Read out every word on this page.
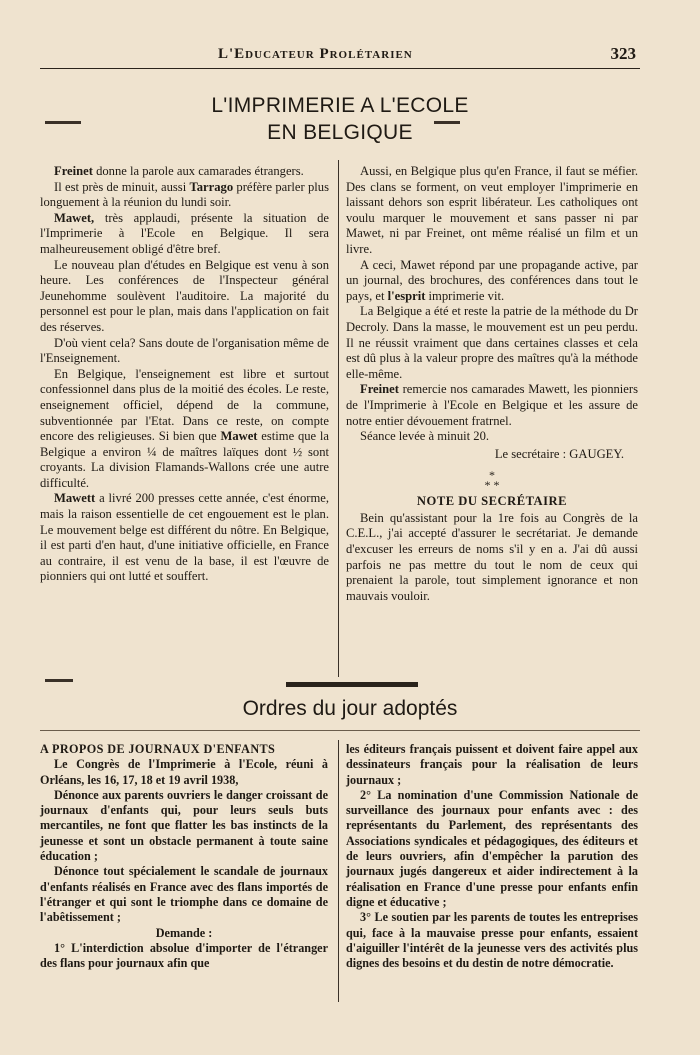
L'Educateur Prolétarien	323
L'IMPRIMERIE A L'ECOLE
EN BELGIQUE

Freinet donne la parole aux camarades étrangers.

Il est près de minuit, aussi Tarrago préfère parler plus longuement à la réunion du lundi soir.

Mawet, très applaudi, présente la situation de l'Imprimerie à l'Ecole en Belgique. Il sera malheureusement obligé d'être bref.

Le nouveau plan d'études en Belgique est venu à son heure. Les conférences de l'Inspecteur général Jeunehomme soulèvent l'auditoire. La majorité du personnel est pour le plan, mais dans l'application on fait des réserves.

D'où vient cela? Sans doute de l'organisation même de l'Enseignement.

En Belgique, l'enseignement est libre et surtout confessionnel dans plus de la moitié des écoles. Le reste, enseignement officiel, dépend de la commune, subventionnée par l'Etat. Dans ce reste, on compte encore des religieuses. Si bien que Mawet estime que la Belgique a environ ¼ de maîtres laïques dont ½ sont croyants. La division Flamands-Wallons crée une autre difficulté.

Mawett a livré 200 presses cette année, c'est énorme, mais la raison essentielle de cet engouement est le plan. Le mouvement belge est différent du nôtre. En Belgique, il est parti d'en haut, d'une initiative officielle, en France au contraire, il est venu de la base, il est l'œuvre de pionniers qui ont lutté et souffert.

Aussi, en Belgique plus qu'en France, il faut se méfier. Des clans se forment, on veut employer l'imprimerie en laissant dehors son esprit libérateur. Les catholiques ont voulu marquer le mouvement et sans passer ni par Mawet, ni par Freinet, ont même réalisé un film et un livre.

A ceci, Mawet répond par une propagande active, par un journal, des brochures, des conférences dans tout le pays, et l'esprit imprimerie vit.

La Belgique a été et reste la patrie de la méthode du Dr Decroly. Dans la masse, le mouvement est un peu perdu. Il ne réussit vraiment que dans certaines classes et cela est dû plus à la valeur propre des maîtres qu'à la méthode elle-même.

Freinet remercie nos camarades Mawett, les pionniers de l'Imprimerie à l'Ecole en Belgique et les assure de notre entier dévouement fratrnel.

Séance levée à minuit 20.

Le secrétaire : GAUGEY.

*
* *
NOTE DU SECRÉTAIRE

Bein qu'assistant pour la 1re fois au Congrès de la C.E.L., j'ai accepté d'assurer le secrétariat. Je demande d'excuser les erreurs de noms s'il y en a. J'ai dû aussi parfois ne pas mettre du tout le nom de ceux qui prenaient la parole, tout simplement ignorance et non mauvais vouloir.

Ordres du jour adoptés

A PROPOS DE JOURNAUX D'ENFANTS

Le Congrès de l'Imprimerie à l'Ecole, réuni à Orléans, les 16, 17, 18 et 19 avril 1938,

Dénonce aux parents ouvriers le danger croissant de journaux d'enfants qui, pour leurs seuls buts mercantiles, ne font que flatter les bas instincts de la jeunesse et sont un obstacle permanent à toute saine éducation ;

Dénonce tout spécialement le scandale de journaux d'enfants réalisés en France avec des flans importés de l'étranger et qui sont le triomphe dans ce domaine de l'abêtissement ;

Demande :

1° L'interdiction absolue d'importer de l'étranger des flans pour journaux afin que

les éditeurs français puissent et doivent faire appel aux dessinateurs français pour la réalisation de leurs journaux ;

2° La nomination d'une Commission Nationale de surveillance des journaux pour enfants avec : des représentants du Parlement, des représentants des Associations syndicales et pédagogiques, des éditeurs et de leurs ouvriers, afin d'empêcher la parution des journaux jugés dangereux et aider indirectement à la réalisation en France d'une presse pour enfants enfin digne et éducative ;

3° Le soutien par les parents de toutes les entreprises qui, face à la mauvaise presse pour enfants, essaient d'aiguiller l'intérêt de la jeunesse vers des activités plus dignes des besoins et du destin de notre démocratie.
